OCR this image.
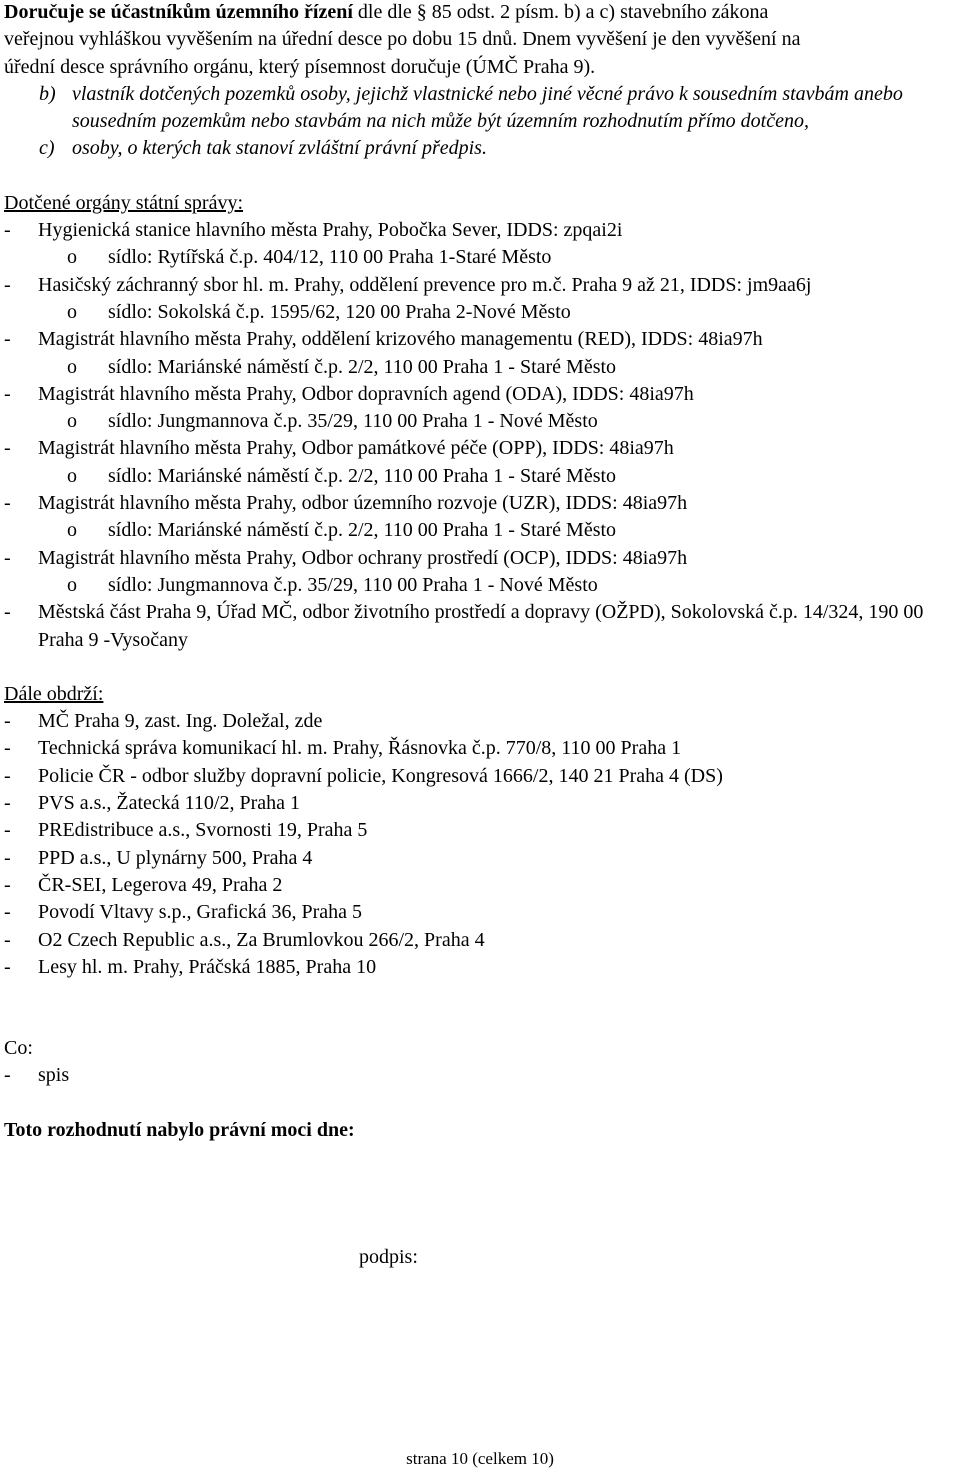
Doručuje se účastníkům územního řízení dle dle § 85 odst. 2 písm. b) a c) stavebního zákona
veřejnou vyhláškou vyvěšením na úřední desce po dobu 15 dnů. Dnem vyvěšení je den vyvěšení na
úřední desce správního orgánu, který písemnost doručuje (ÚMČ Praha 9).
b) vlastník dotčených pozemků osoby, jejichž vlastnické nebo jiné věcné právo k sousedním stavbám anebo sousedním pozemkům nebo stavbám na nich může být územním rozhodnutím přímo dotčeno,
c) osoby, o kterých tak stanoví zvláštní právní předpis.
Dotčené orgány státní správy:
-	Hygienická stanice hlavního města Prahy, Pobočka Sever, IDDS: zpqai2i
o	sídlo: Rytířská č.p. 404/12, 110 00 Praha 1-Staré Město
-	Hasičský záchranný sbor hl. m. Prahy, oddělení prevence pro m.č. Praha 9 až 21, IDDS: jm9aa6j
o	sídlo: Sokolská č.p. 1595/62, 120 00 Praha 2-Nové Město
-	Magistrát hlavního města Prahy, oddělení krizového managementu (RED), IDDS: 48ia97h
o	sídlo: Mariánské náměstí č.p. 2/2, 110 00 Praha 1 - Staré Město
-	Magistrát hlavního města Prahy, Odbor dopravních agend (ODA), IDDS: 48ia97h
o	sídlo: Jungmannova č.p. 35/29, 110 00 Praha 1 - Nové Město
-	Magistrát hlavního města Prahy, Odbor památkové péče (OPP), IDDS: 48ia97h
o	sídlo: Mariánské náměstí č.p. 2/2, 110 00 Praha 1 - Staré Město
-	Magistrát hlavního města Prahy, odbor územního rozvoje (UZR), IDDS: 48ia97h
o	sídlo: Mariánské náměstí č.p. 2/2, 110 00 Praha 1 - Staré Město
-	Magistrát hlavního města Prahy, Odbor ochrany prostředí (OCP), IDDS: 48ia97h
o	sídlo: Jungmannova č.p. 35/29, 110 00 Praha 1 - Nové Město
-	Městská část Praha 9, Úřad MČ, odbor životního prostředí a dopravy (OŽPD), Sokolovská č.p. 14/324, 190 00 Praha 9 -Vysočany
Dále obdrží:
-	MČ Praha 9, zast. Ing. Doležal, zde
-	Technická správa komunikací hl. m. Prahy, Řásnovka č.p. 770/8, 110 00 Praha 1
-	Policie ČR - odbor služby dopravní policie, Kongresová 1666/2, 140 21 Praha 4 (DS)
-	PVS a.s., Žatecká 110/2, Praha 1
-	PREdistribuce a.s., Svornosti 19, Praha 5
-	PPD a.s., U plynárny 500, Praha 4
-	ČR-SEI, Legerova 49, Praha 2
-	Povodí Vltavy s.p., Grafická 36, Praha 5
-	O2 Czech Republic a.s., Za Brumlovkou 266/2, Praha 4
-	Lesy hl. m. Prahy, Práčská 1885, Praha 10
Co:
-	spis
Toto rozhodnutí nabylo právní moci dne:
podpis:
strana 10 (celkem 10)
